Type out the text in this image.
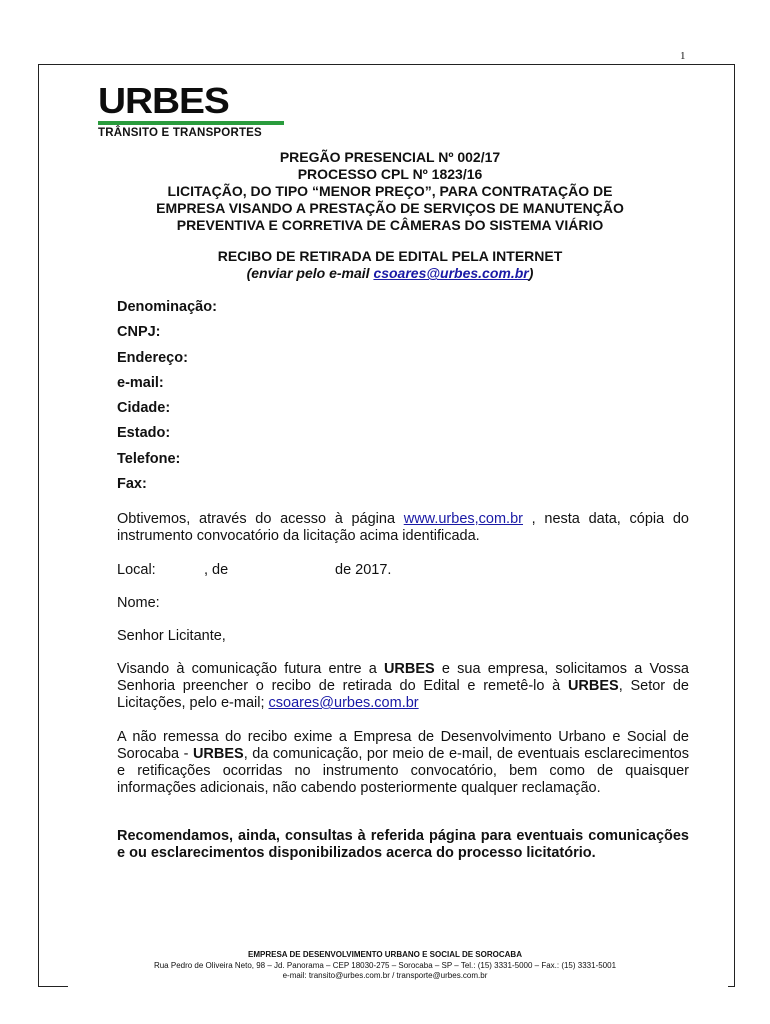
1
URBES
TRÂNSITO E TRANSPORTES
PREGÃO PRESENCIAL Nº 002/17
PROCESSO CPL Nº 1823/16
LICITAÇÃO, DO TIPO “MENOR PREÇO”, PARA CONTRATAÇÃO DE
EMPRESA VISANDO A PRESTAÇÃO DE SERVIÇOS DE MANUTENÇÃO
PREVENTIVA E CORRETIVA DE CÂMERAS DO SISTEMA VIÁRIO
RECIBO DE RETIRADA DE EDITAL PELA INTERNET
(enviar pelo e-mail csoares@urbes.com.br)
Denominação:
CNPJ:
Endereço:
e-mail:
Cidade:
Estado:
Telefone:
Fax:
Obtivemos, através do acesso à página www.urbes,com.br , nesta data, cópia do instrumento convocatório da licitação acima identificada.
Local:	, de	de 2017.
Nome:
Senhor Licitante,
Visando à comunicação futura entre a URBES e sua empresa, solicitamos a Vossa Senhoria preencher o recibo de retirada do Edital e remetê-lo à URBES, Setor de Licitações, pelo e-mail; csoares@urbes.com.br
A não remessa do recibo exime a Empresa de Desenvolvimento Urbano e Social de Sorocaba - URBES, da comunicação, por meio de e-mail, de eventuais esclarecimentos e retificações ocorridas no instrumento convocatório, bem como de quaisquer informações adicionais, não cabendo posteriormente qualquer reclamação.
Recomendamos, ainda, consultas à referida página para eventuais comunicações e ou esclarecimentos disponibilizados acerca do processo licitatório.
EMPRESA DE DESENVOLVIMENTO URBANO E SOCIAL DE SOROCABA
Rua Pedro de Oliveira Neto, 98 – Jd. Panorama – CEP 18030-275 – Sorocaba – SP – Tel.: (15) 3331-5000 – Fax.: (15) 3331-5001
e-mail: transito@urbes.com.br / transporte@urbes.com.br
